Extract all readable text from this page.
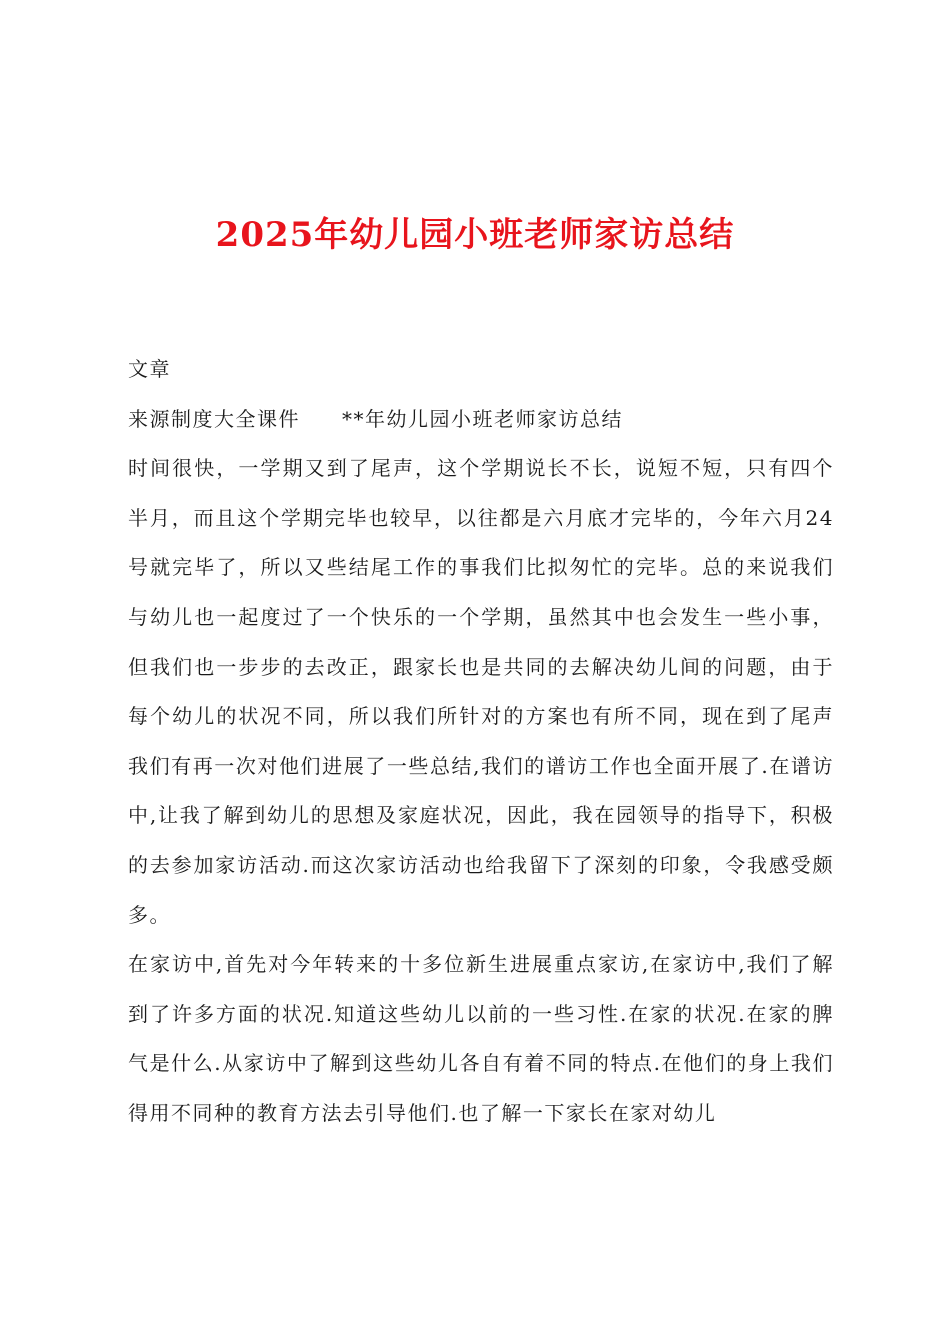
2025年幼儿园小班老师家访总结

文章

来源制度大全课件 **年幼儿园小班老师家访总结

时间很快，一学期又到了尾声，这个学期说长不长，说短不短，只有四个半月，而且这个学期完毕也较早，以往都是六月底才完毕的，今年六月24号就完毕了，所以又些结尾工作的事我们比拟匆忙的完毕。总的来说我们与幼儿也一起度过了一个快乐的一个学期，虽然其中也会发生一些小事，但我们也一步步的去改正，跟家长也是共同的去解决幼儿间的问题，由于每个幼儿的状况不同，所以我们所针对的方案也有所不同，现在到了尾声我们有再一次对他们进展了一些总结,我们的谱访工作也全面开展了.在谱访中,让我了解到幼儿的思想及家庭状况，因此，我在园领导的指导下，积极的去参加家访活动.而这次家访活动也给我留下了深刻的印象，令我感受颇多。

在家访中,首先对今年转来的十多位新生进展重点家访,在家访中,我们了解到了许多方面的状况.知道这些幼儿以前的一些习性.在家的状况.在家的脾气是什么.从家访中了解到这些幼儿各自有着不同的特点.在他们的身上我们得用不同种的教育方法去引导他们.也了解一下家长在家对幼儿
